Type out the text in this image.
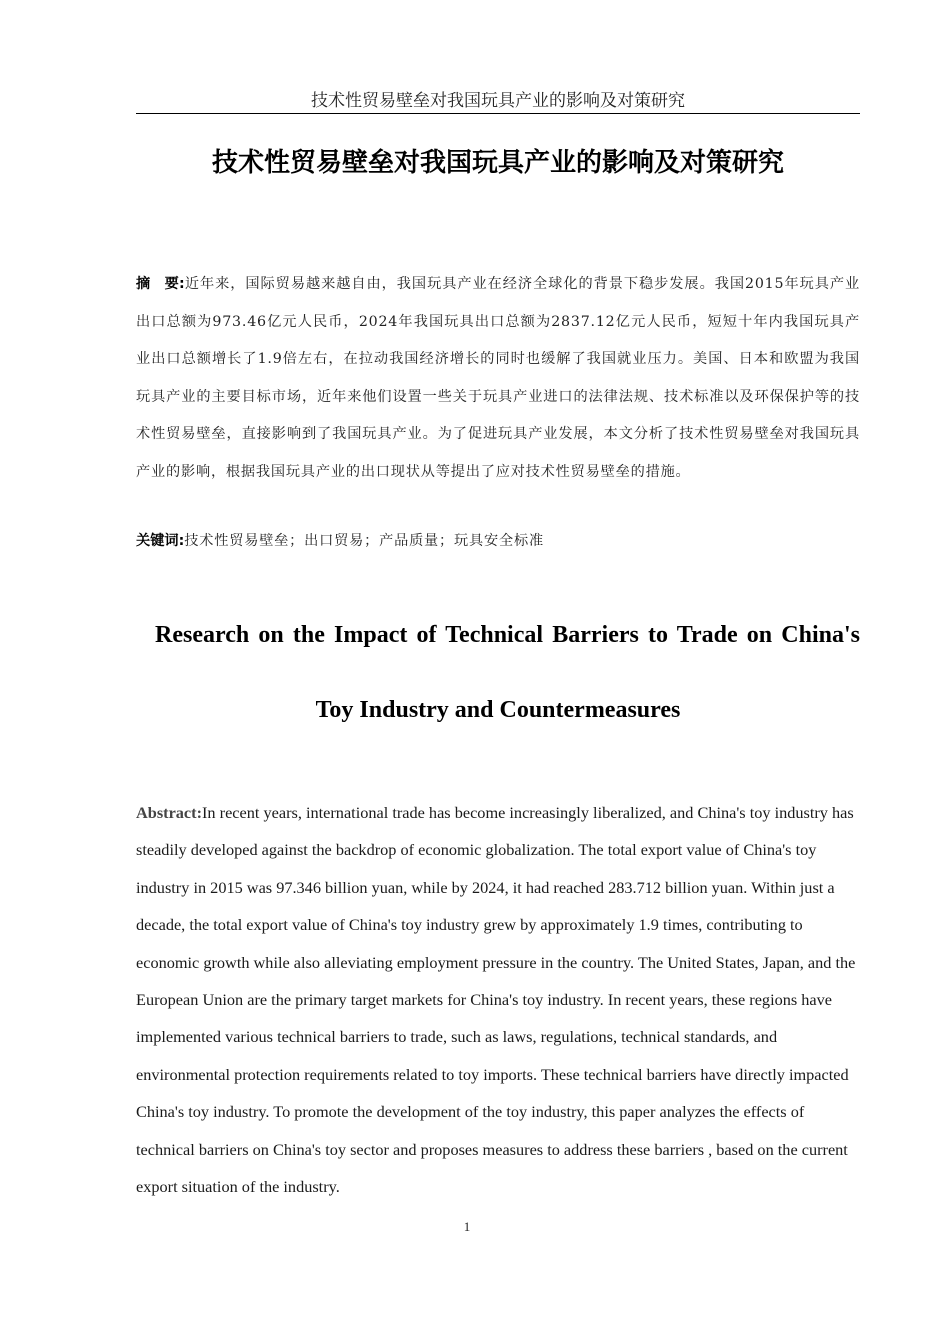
技术性贸易壁垒对我国玩具产业的影响及对策研究
技术性贸易壁垒对我国玩具产业的影响及对策研究
摘　要:近年来，国际贸易越来越自由，我国玩具产业在经济全球化的背景下稳步发展。我国2015年玩具产业出口总额为973.46亿元人民币，2024年我国玩具出口总额为2837.12亿元人民币，短短十年内我国玩具产业出口总额增长了1.9倍左右，在拉动我国经济增长的同时也缓解了我国就业压力。美国、日本和欧盟为我国玩具产业的主要目标市场，近年来他们设置一些关于玩具产业进口的法律法规、技术标准以及环保保护等的技术性贸易壁垒，直接影响到了我国玩具产业。为了促进玩具产业发展，本文分析了技术性贸易壁垒对我国玩具产业的影响，根据我国玩具产业的出口现状从等提出了应对技术性贸易壁垒的措施。
关键词:技术性贸易壁垒；出口贸易；产品质量；玩具安全标准
Research on the Impact of Technical Barriers to Trade on China's
Toy Industry and Countermeasures
Abstract:In recent years, international trade has become increasingly liberalized, and China's toy industry has steadily developed against the backdrop of economic globalization. The total export value of China's toy industry in 2015 was 97.346 billion yuan, while by 2024, it had reached 283.712 billion yuan. Within just a decade, the total export value of China's toy industry grew by approximately 1.9 times, contributing to economic growth while also alleviating employment pressure in the country. The United States, Japan, and the European Union are the primary target markets for China's toy industry. In recent years, these regions have implemented various technical barriers to trade, such as laws, regulations, technical standards, and environmental protection requirements related to toy imports. These technical barriers have directly impacted China's toy industry. To promote the development of the toy industry, this paper analyzes the effects of technical barriers on China's toy sector and proposes measures to address these barriers , based on the current export situation of the industry.
1
